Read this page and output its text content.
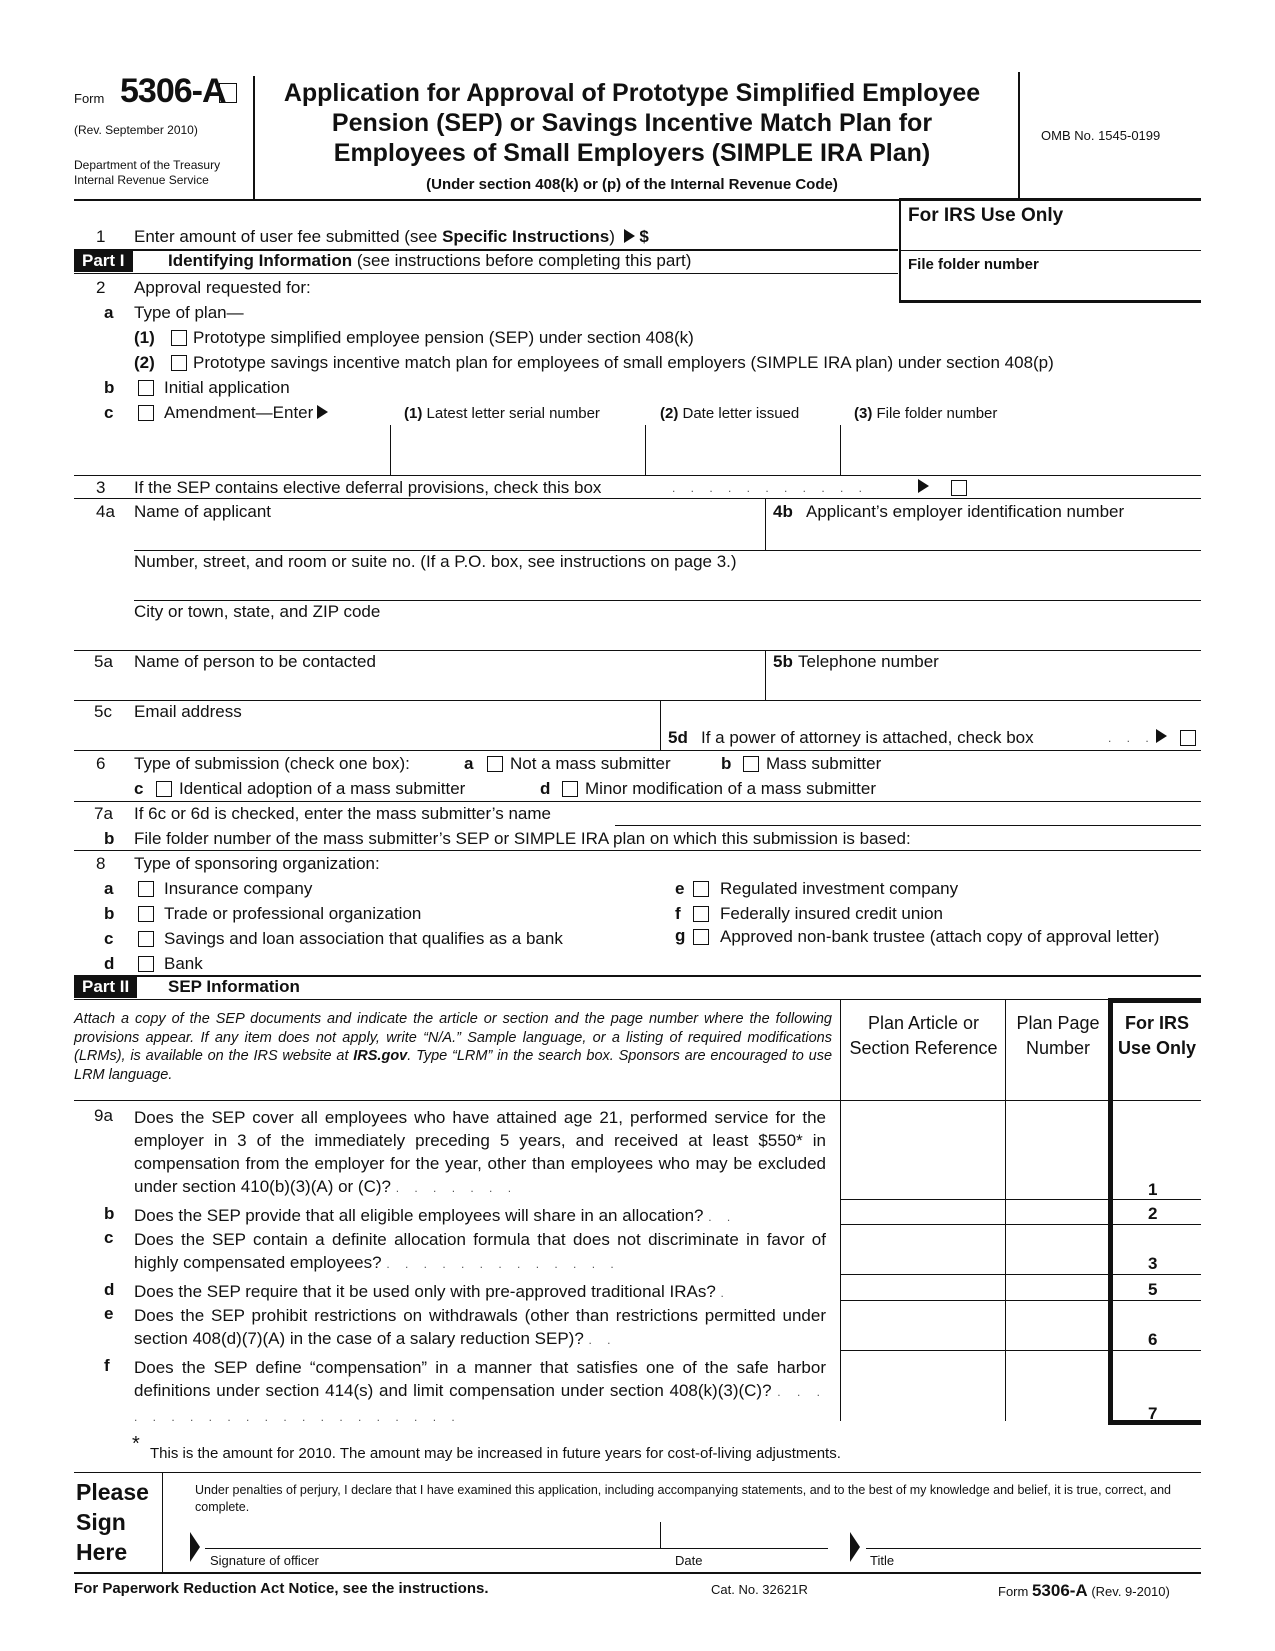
Form 5306-A
(Rev. September 2010)
Department of the Treasury
Internal Revenue Service
Application for Approval of Prototype Simplified Employee
Pension (SEP) or Savings Incentive Match Plan for
Employees of Small Employers (SIMPLE IRA Plan)
(Under section 408(k) or (p) of the Internal Revenue Code)
OMB No. 1545-0199
For IRS Use Only
File folder number
1 Enter amount of user fee submitted (see Specific Instructions)  $
Part I	Identifying Information (see instructions before completing this part)
2 Approval requested for:
a Type of plan—
(1) Prototype simplified employee pension (SEP) under section 408(k)
(2) Prototype savings incentive match plan for employees of small employers (SIMPLE IRA plan) under section 408(p)
b	Initial application
c	Amendment—Enter	(1) Latest letter serial number	(2) Date letter issued	(3) File folder number
3 If the SEP contains elective deferral provisions, check this box	. . . . . . . . . . .
4a Name of applicant	4b Applicant’s employer identification number
Number, street, and room or suite no. (If a P.O. box, see instructions on page 3.)
City or town, state, and ZIP code
5a Name of person to be contacted	5b Telephone number
5c Email address
5d If a power of attorney is attached, check box	. . .
6 Type of submission (check one box):	a Not a mass submitter	b Mass submitter
c Identical adoption of a mass submitter	d Minor modification of a mass submitter
7a If 6c or 6d is checked, enter the mass submitter’s name
b File folder number of the mass submitter’s SEP or SIMPLE IRA plan on which this submission is based:
8 Type of sponsoring organization:
a	Insurance company
b	Trade or professional organization
c	Savings and loan association that qualifies as a bank
d	Bank
e Regulated investment company
f Federally insured credit union
g Approved non-bank trustee (attach copy of approval letter)
Part II	SEP Information
Attach a copy of the SEP documents and indicate the article or section and the page number where the following provisions appear. If any item does not apply, write “N/A.” Sample language, or a listing of required modifications (LRMs), is available on the IRS website at IRS.gov. Type “LRM” in the search box. Sponsors are encouraged to use LRM language.
Plan Article or Section Reference
Plan Page Number
For IRS Use Only
9a Does the SEP cover all employees who have attained age 21, performed service for the employer in 3 of the immediately preceding 5 years, and received at least $550* in compensation from the employer for the year, other than employees who may be excluded under section 410(b)(3)(A) or (C)? . . . . . . .	1
b Does the SEP provide that all eligible employees will share in an allocation? . .	2
c Does the SEP contain a definite allocation formula that does not discriminate in favor of highly compensated employees? . . . . . . . . . . . . .	3
d Does the SEP require that it be used only with pre-approved traditional IRAs? .	5
e Does the SEP prohibit restrictions on withdrawals (other than restrictions permitted under section 408(d)(7)(A) in the case of a salary reduction SEP)? . .	6
f Does the SEP define “compensation” in a manner that satisfies one of the safe harbor definitions under section 414(s) and limit compensation under section 408(k)(3)(C)? . . . . . . . . . . . . . . . . . . . . .	7
* This is the amount for 2010. The amount may be increased in future years for cost-of-living adjustments.
Please
Sign
Here
Under penalties of perjury, I declare that I have examined this application, including accompanying statements, and to the best of my knowledge and belief, it is true, correct, and complete.
Signature of officer	Date	Title
For Paperwork Reduction Act Notice, see the instructions.	Cat. No. 32621R	Form 5306-A (Rev. 9-2010)
